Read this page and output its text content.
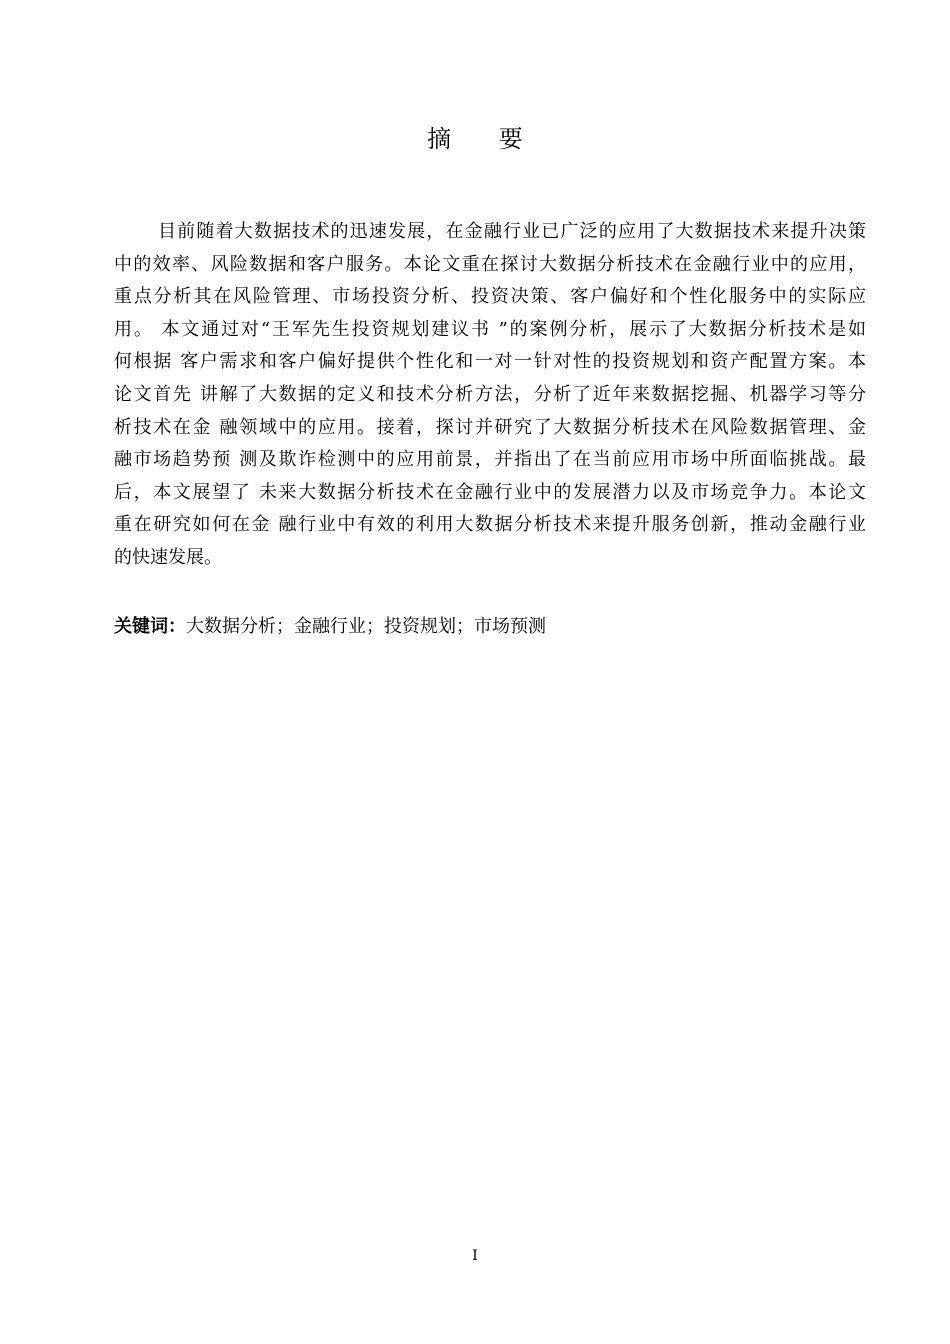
摘 要
目前随着大数据技术的迅速发展，在金融行业已广泛的应用了大数据技术来提升决策
中的效率、风险数据和客户服务。本论文重在探讨大数据分析技术在金融行业中的应用，
重点分析其在风险管理、市场投资分析、投资决策、客户偏好和个性化服务中的实际应
用。 本文通过对“王军先生投资规划建议书 ”的案例分析，展示了大数据分析技术是如
何根据 客户需求和客户偏好提供个性化和一对一针对性的投资规划和资产配置方案。本
论文首先 讲解了大数据的定义和技术分析方法，分析了近年来数据挖掘、机器学习等分
析技术在金 融领域中的应用。接着，探讨并研究了大数据分析技术在风险数据管理、金
融市场趋势预 测及欺诈检测中的应用前景，并指出了在当前应用市场中所面临挑战。最
后，本文展望了 未来大数据分析技术在金融行业中的发展潜力以及市场竞争力。本论文
重在研究如何在金 融行业中有效的利用大数据分析技术来提升服务创新，推动金融行业
的快速发展。
关键词：大数据分析；金融行业；投资规划；市场预测
I
